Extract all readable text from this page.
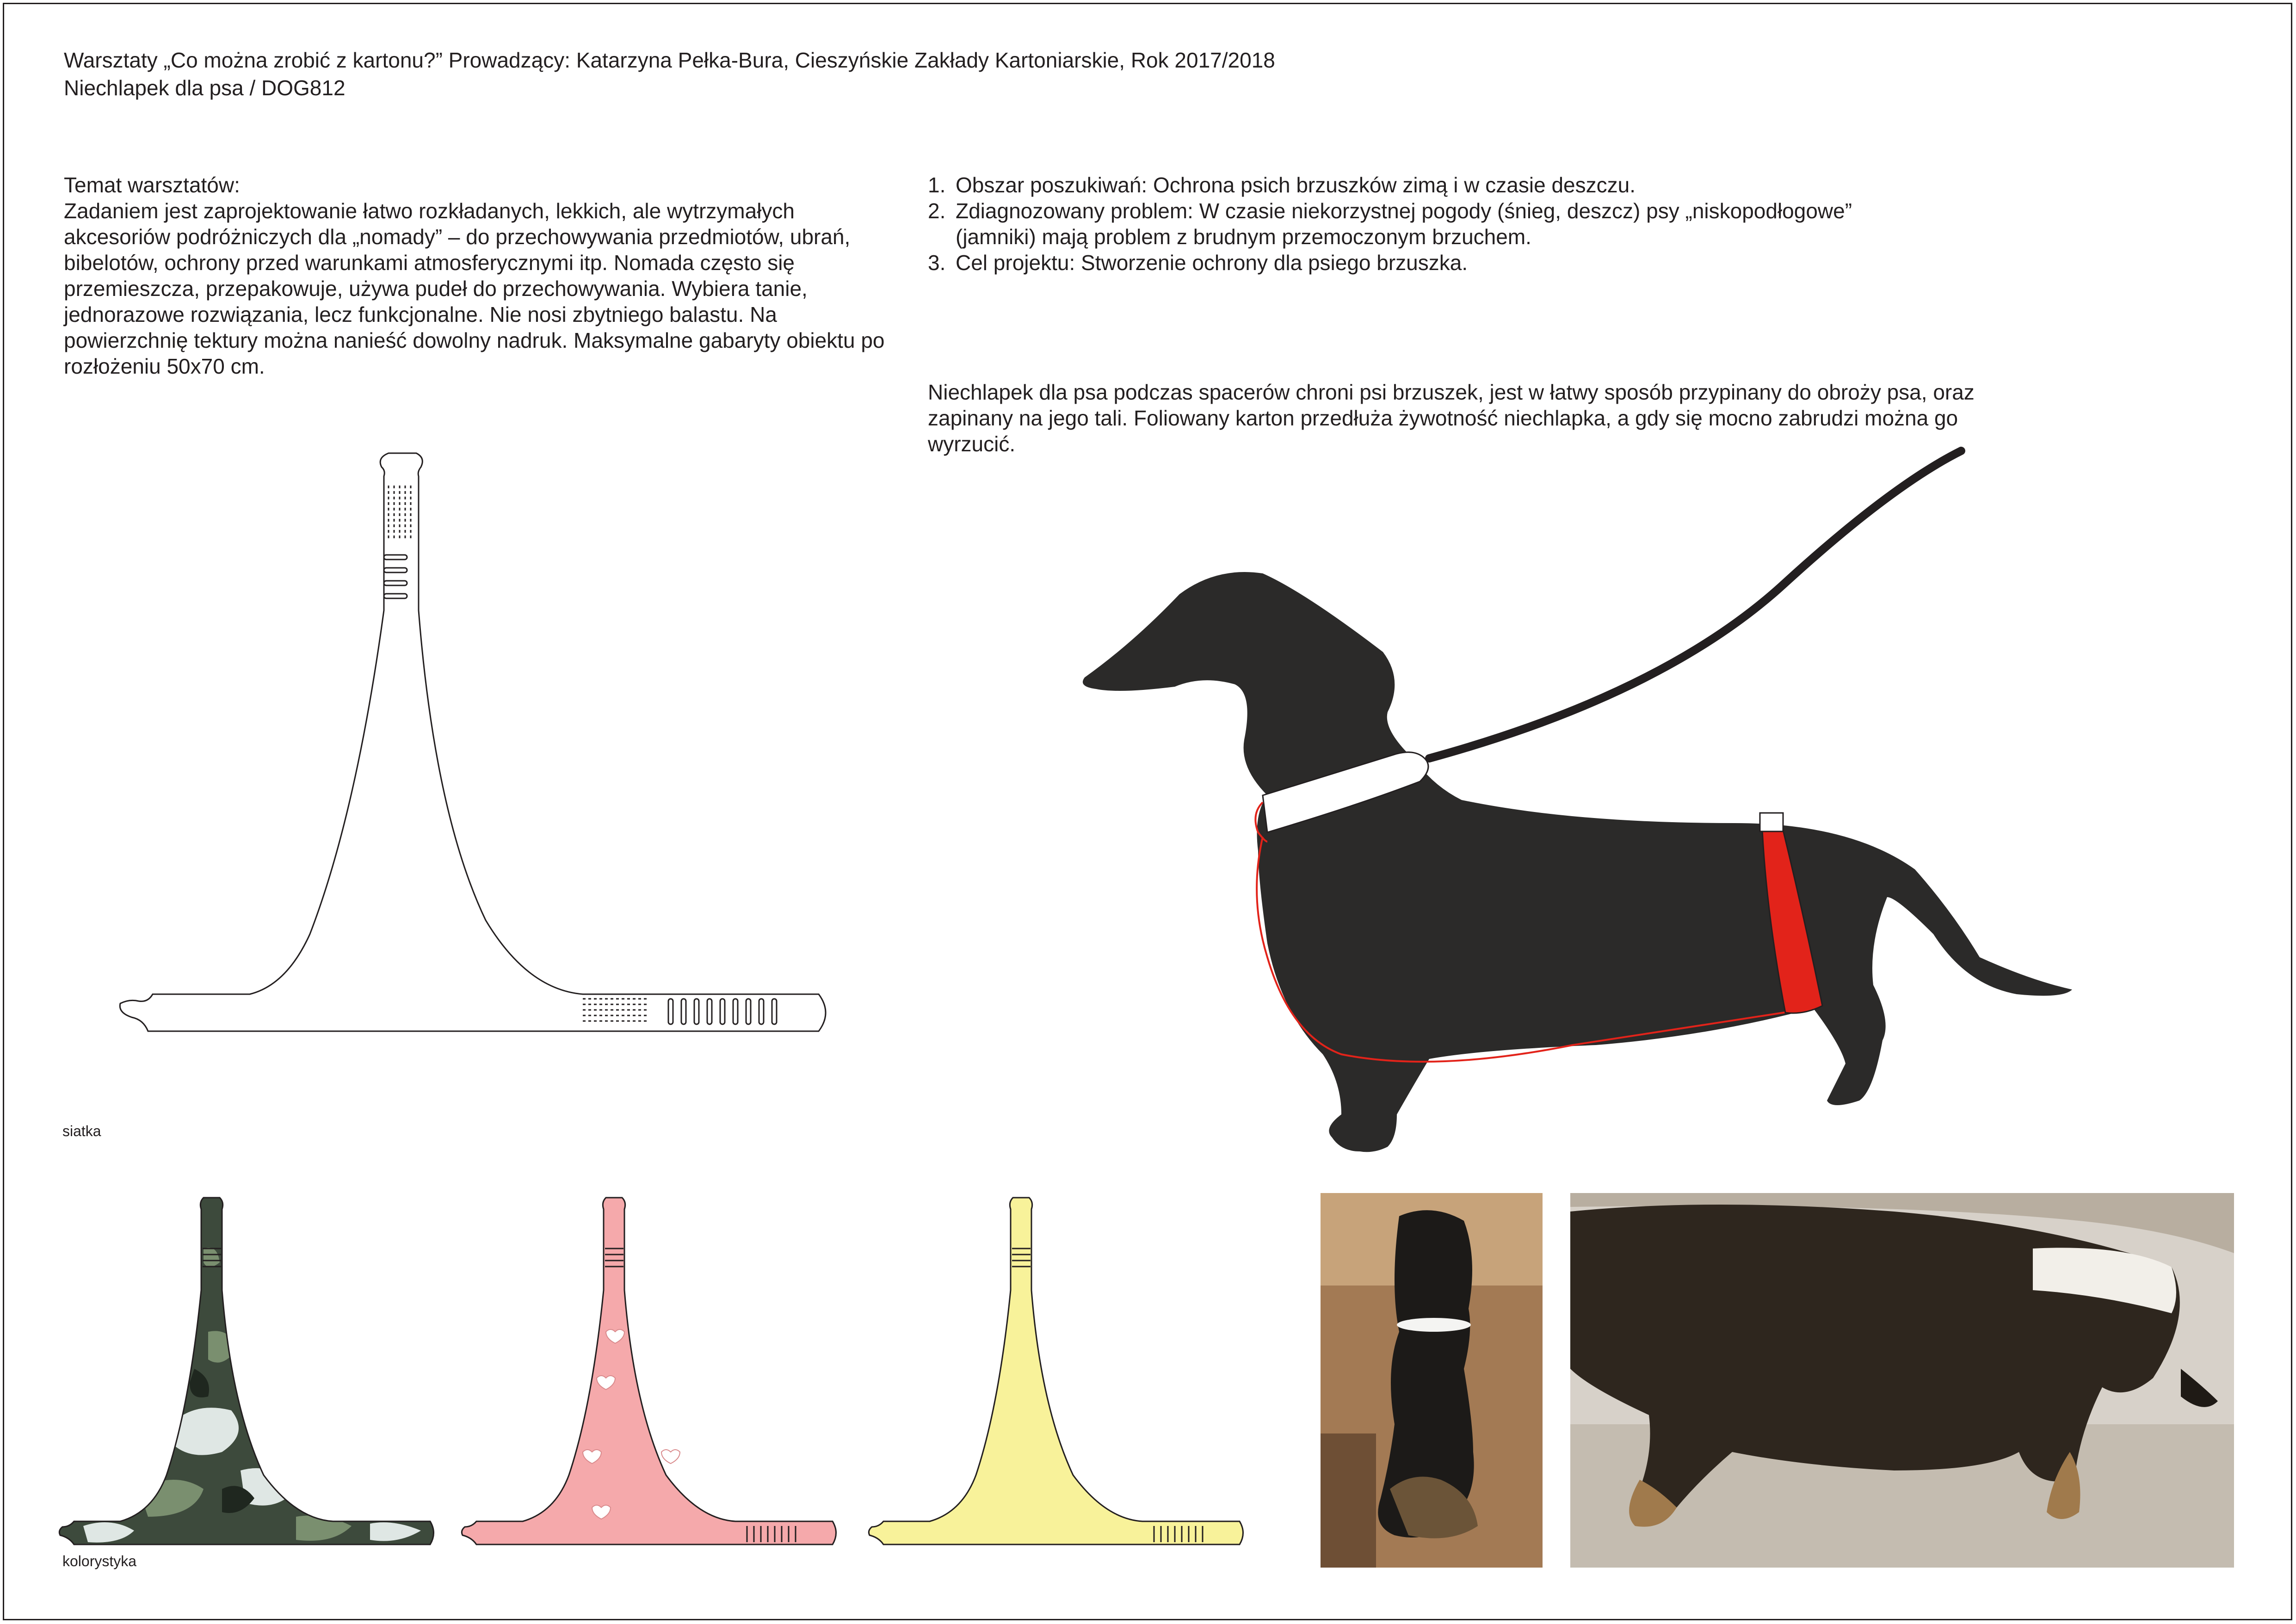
Warsztaty „Co można zrobić z kartonu?” Prowadzący: Katarzyna Pełka-Bura, Cieszyńskie Zakłady Kartoniarskie, Rok 2017/2018
Niechlapek dla psa / DOG812

Temat warsztatów:

Zadaniem jest zaprojektowanie łatwo rozkładanych, lekkich, ale wytrzymałych akcesoriów podróżniczych dla „nomady” – do przechowywania przedmiotów, ubrań, bibelotów, ochrony przed warunkami atmosferycznymi itp. Nomada często się przemieszcza, przepakowuje, używa pudeł do przechowywania. Wybiera tanie, jednorazowe rozwiązania, lecz funkcjonalne. Nie nosi zbytniego balastu. Na powierzchnię tektury można nanieść dowolny nadruk. Maksymalne gabaryty obiektu po rozłożeniu 50x70 cm.

1. Obszar poszukiwań: Ochrona psich brzuszków zimą i w czasie deszczu.
2. Zdiagnozowany problem: W czasie niekorzystnej pogody (śnieg, deszcz) psy „niskopodłogowe”
(jamniki) mają problem z brudnym przemoczonym brzuchem.
3. Cel projektu: Stworzenie ochrony dla psiego brzuszka.

Niechlapek dla psa podczas spacerów chroni psi brzuszek, jest w łatwy sposób przypinany do obroży psa, oraz zapinany na jego tali. Foliowany karton przedłuża żywotność niechlapka, a gdy się mocno zabrudzi można go wyrzucić.

siatka
kolorystyka
